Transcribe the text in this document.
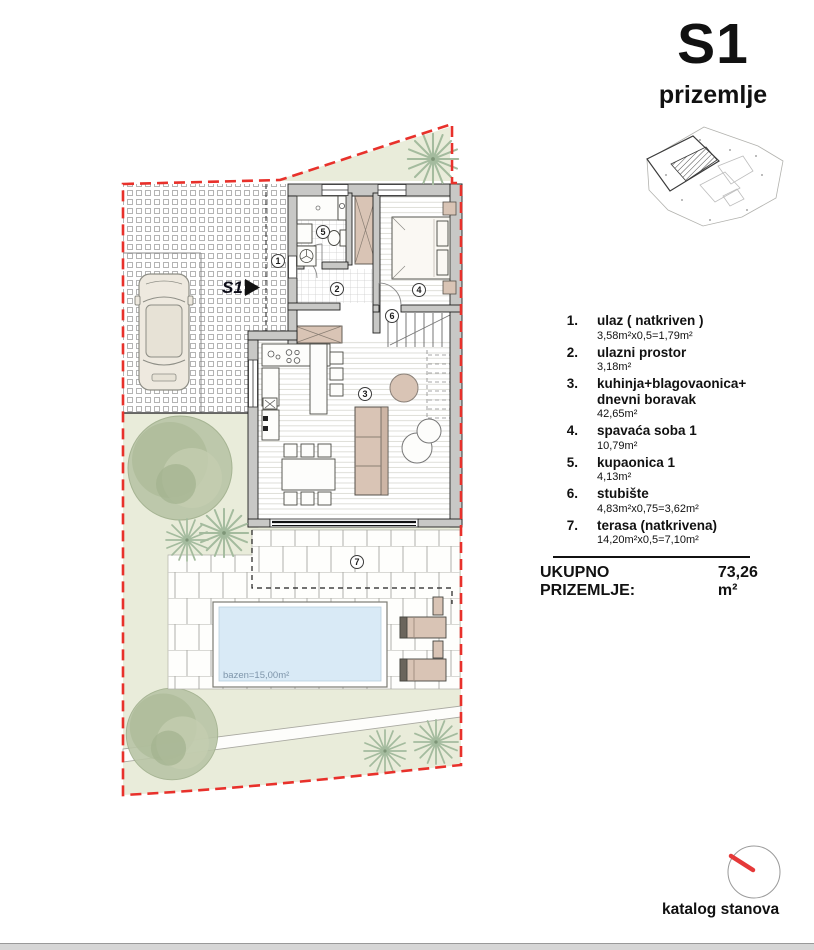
bazen=15,00m²
S1
1
2
3
4
5
6
7
S1
prizemlje
1. ulaz ( natkriven )
3,58m²x0,5=1,79m²
2. ulazni prostor
3,18m²
3. kuhinja+blagovaonica+
dnevni boravak
42,65m²
4. spavaća soba 1
10,79m²
5. kupaonica 1
4,13m²
6. stubište
4,83m²x0,75=3,62m²
7. terasa (natkrivena)
14,20m²x0,5=7,10m²
UKUPNO PRIZEMLJE:
73,26 m²
katalog stanova
